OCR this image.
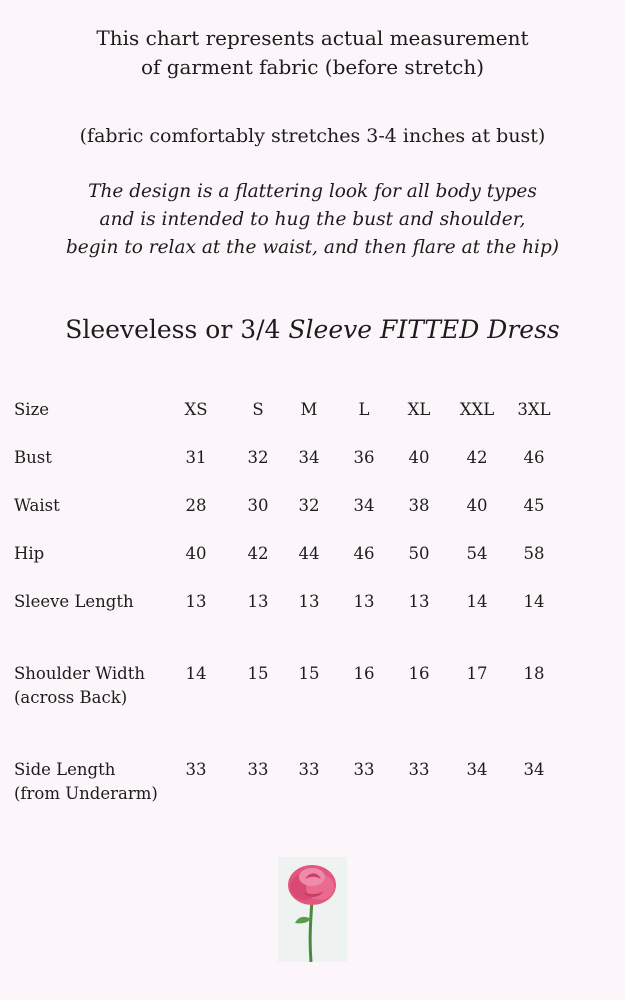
This chart represents actual measurement
of garment fabric (before stretch)
(fabric comfortably stretches 3-4 inches at bust)
The design is a flattering look for all body types
and is intended to hug the bust and shoulder,
begin to relax at the waist, and then flare at the hip)
Sleeveless or 3/4 Sleeve FITTED Dress
Size	XS	S	M	L	XL	XXL	3XL
Bust	31	32	34	36	40	42	46
Waist	28	30	32	34	38	40	45
Hip	40	42	44	46	50	54	58
Sleeve Length	13	13	13	13	13	14	14
Shoulder Width
(across Back)
14	15	15	16	16	17	18
Side Length
(from Underarm)
33	33	33	33	33	34	34
